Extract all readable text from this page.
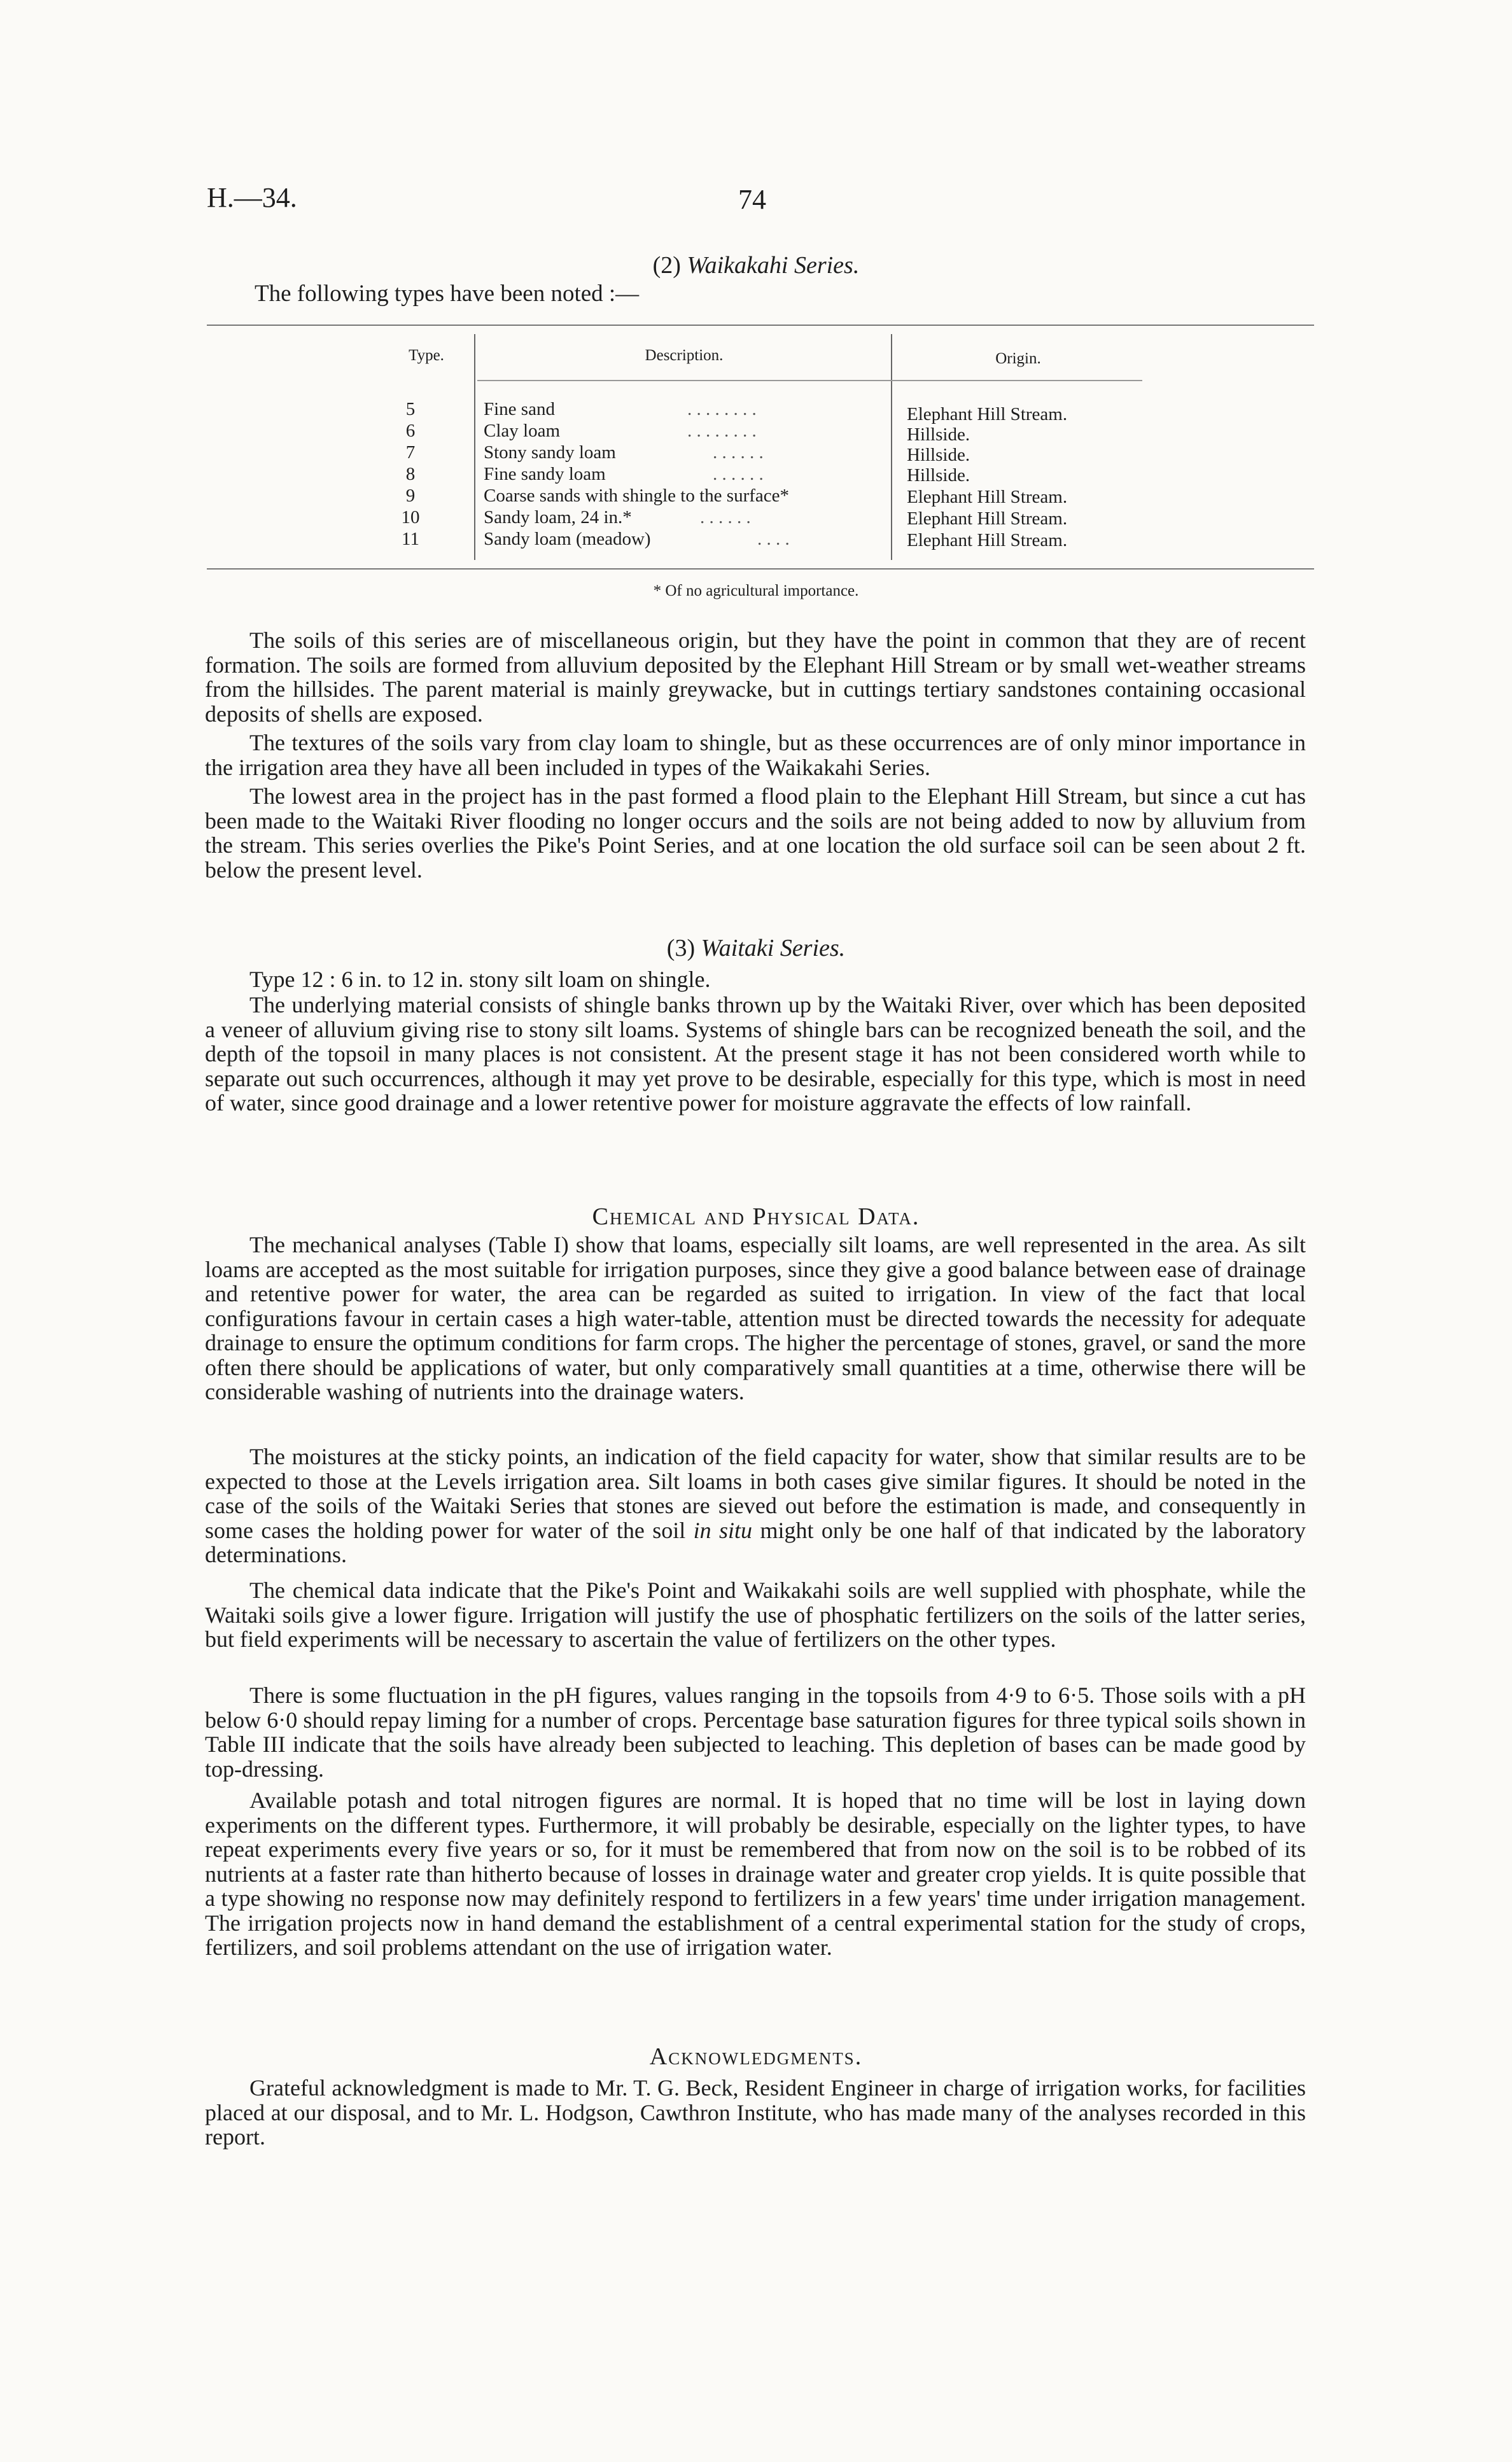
H.—34.	74
(2) Waikakahi Series.
The following types have been noted :—
Type.	Description.	Origin.
5	Fine sand	. . . . . . . .	Elephant Hill Stream.
6	Clay loam	. . . . . . . .	Hillside.
7	Stony sandy loam	. . . . . .	Hillside.
8	Fine sandy loam	. . . . . .	Hillside.
9	Coarse sands with shingle to the surface*	Elephant Hill Stream.
10	Sandy loam, 24 in.*	. . . . . .	Elephant Hill Stream.
11	Sandy loam (meadow)	. . . .	Elephant Hill Stream.
* Of no agricultural importance.

The soils of this series are of miscellaneous origin, but they have the point in common that they are of recent formation. The soils are formed from alluvium deposited by the Elephant Hill Stream or by small wet-weather streams from the hillsides. The parent material is mainly greywacke, but in cuttings tertiary sandstones containing occasional deposits of shells are exposed.

The textures of the soils vary from clay loam to shingle, but as these occurrences are of only minor importance in the irrigation area they have all been included in types of the Waikakahi Series.

The lowest area in the project has in the past formed a flood plain to the Elephant Hill Stream, but since a cut has been made to the Waitaki River flooding no longer occurs and the soils are not being added to now by alluvium from the stream. This series overlies the Pike's Point Series, and at one location the old surface soil can be seen about 2 ft. below the present level.

(3) Waitaki Series.

Type 12 : 6 in. to 12 in. stony silt loam on shingle.

The underlying material consists of shingle banks thrown up by the Waitaki River, over which has been deposited a veneer of alluvium giving rise to stony silt loams. Systems of shingle bars can be recognized beneath the soil, and the depth of the topsoil in many places is not consistent. At the present stage it has not been considered worth while to separate out such occurrences, although it may yet prove to be desirable, especially for this type, which is most in need of water, since good drainage and a lower retentive power for moisture aggravate the effects of low rainfall.

Chemical and Physical Data.

The mechanical analyses (Table I) show that loams, especially silt loams, are well represented in the area. As silt loams are accepted as the most suitable for irrigation purposes, since they give a good balance between ease of drainage and retentive power for water, the area can be regarded as suited to irrigation. In view of the fact that local configurations favour in certain cases a high water-table, attention must be directed towards the necessity for adequate drainage to ensure the optimum conditions for farm crops. The higher the percentage of stones, gravel, or sand the more often there should be applications of water, but only comparatively small quantities at a time, otherwise there will be considerable washing of nutrients into the drainage waters.

The moistures at the sticky points, an indication of the field capacity for water, show that similar results are to be expected to those at the Levels irrigation area. Silt loams in both cases give similar figures. It should be noted in the case of the soils of the Waitaki Series that stones are sieved out before the estimation is made, and consequently in some cases the holding power for water of the soil in situ might only be one half of that indicated by the laboratory determinations.

The chemical data indicate that the Pike's Point and Waikakahi soils are well supplied with phosphate, while the Waitaki soils give a lower figure. Irrigation will justify the use of phosphatic fertilizers on the soils of the latter series, but field experiments will be necessary to ascertain the value of fertilizers on the other types.

There is some fluctuation in the pH figures, values ranging in the topsoils from 4·9 to 6·5. Those soils with a pH below 6·0 should repay liming for a number of crops. Percentage base saturation figures for three typical soils shown in Table III indicate that the soils have already been subjected to leaching. This depletion of bases can be made good by top-dressing.

Available potash and total nitrogen figures are normal. It is hoped that no time will be lost in laying down experiments on the different types. Furthermore, it will probably be desirable, especially on the lighter types, to have repeat experiments every five years or so, for it must be remembered that from now on the soil is to be robbed of its nutrients at a faster rate than hitherto because of losses in drainage water and greater crop yields. It is quite possible that a type showing no response now may definitely respond to fertilizers in a few years' time under irrigation management. The irrigation projects now in hand demand the establishment of a central experimental station for the study of crops, fertilizers, and soil problems attendant on the use of irrigation water.

Acknowledgments.

Grateful acknowledgment is made to Mr. T. G. Beck, Resident Engineer in charge of irrigation works, for facilities placed at our disposal, and to Mr. L. Hodgson, Cawthron Institute, who has made many of the analyses recorded in this report.
